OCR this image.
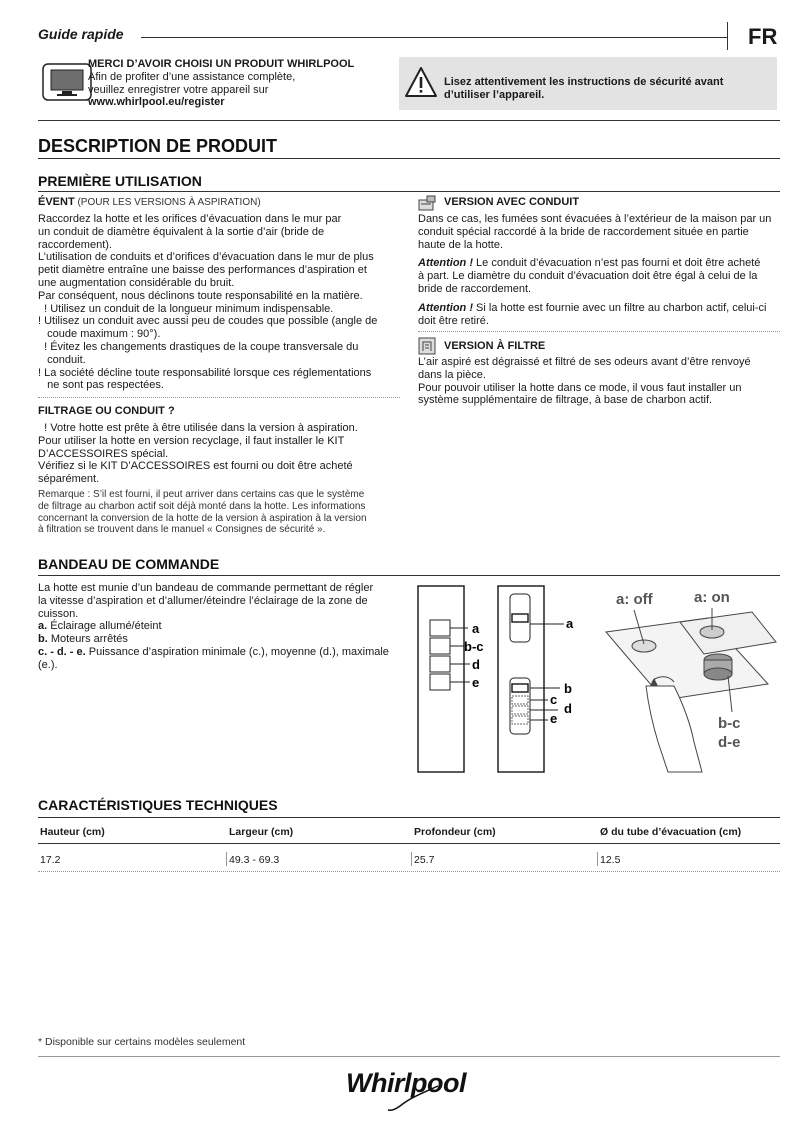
Guide rapide	FR
MERCI D’AVOIR CHOISI UN PRODUIT WHIRLPOOL
Afin de profiter d’une assistance complète,
veuillez enregistrer votre appareil sur
www.whirlpool.eu/register
Lisez attentivement les instructions de sécurité avant
d’utiliser l’appareil.
DESCRIPTION DE PRODUIT
PREMIÈRE UTILISATION
ÉVENT (POUR LES VERSIONS À ASPIRATION)

Raccordez la hotte et les orifices d’évacuation dans le mur par

un conduit de diamètre équivalent à la sortie d’air (bride de

raccordement).

L’utilisation de conduits et d’orifices d’évacuation dans le mur de plus

petit diamètre entraîne une baisse des performances d’aspiration et

une augmentation considérable du bruit.

Par conséquent, nous déclinons toute responsabilité en la matière.

! Utilisez un conduit de la longueur minimum indispensable.

! Utilisez un conduit avec aussi peu de coudes que possible (angle de

coude maximum : 90°).

! Évitez les changements drastiques de la coupe transversale du

conduit.

! La société décline toute responsabilité lorsque ces réglementations

ne sont pas respectées.

FILTRAGE OU CONDUIT ?

! Votre hotte est prête à être utilisée dans la version à aspiration.

Pour utiliser la hotte en version recyclage, il faut installer le KIT

D’ACCESSOIRES spécial.

Vérifiez si le KIT D’ACCESSOIRES est fourni ou doit être acheté

séparément.

Remarque : S’il est fourni, il peut arriver dans certains cas que le système

de filtrage au charbon actif soit déjà monté dans la hotte. Les informations

concernant la conversion de la hotte de la version à aspiration à la version

à filtration se trouvent dans le manuel « Consignes de sécurité ».

VERSION AVEC CONDUIT

Dans ce cas, les fumées sont évacuées à l’extérieur de la maison par un

conduit spécial raccordé à la bride de raccordement située en partie

haute de la hotte.

Attention ! Le conduit d’évacuation n’est pas fourni et doit être acheté

à part. Le diamètre du conduit d’évacuation doit être égal à celui de la

bride de raccordement.

Attention ! Si la hotte est fournie avec un filtre au charbon actif, celui-ci

doit être retiré.

VERSION À FILTRE

L’air aspiré est dégraissé et filtré de ses odeurs avant d’être renvoyé

dans la pièce.

Pour pouvoir utiliser la hotte dans ce mode, il vous faut installer un

système supplémentaire de filtrage, à base de charbon actif.

BANDEAU DE COMMANDE

La hotte est munie d’un bandeau de commande permettant de régler

la vitesse d’aspiration et d’allumer/éteindre l’éclairage de la zone de

cuisson.

a. Éclairage allumé/éteint

b. Moteurs arrêtés

c. - d. - e. Puissance d’aspiration minimale (c.), moyenne (d.), maximale

(e.).

a
b-c
d
e
a
b
c
d
e
a: off	a: on
b-c
d-e
CARACTÉRISTIQUES TECHNIQUES
Hauteur (cm)	Largeur (cm)	Profondeur (cm)	Ø du tube d’évacuation (cm)
17.2	49.3 - 69.3	25.7	12.5
* Disponible sur certains modèles seulement
Whirlpool
